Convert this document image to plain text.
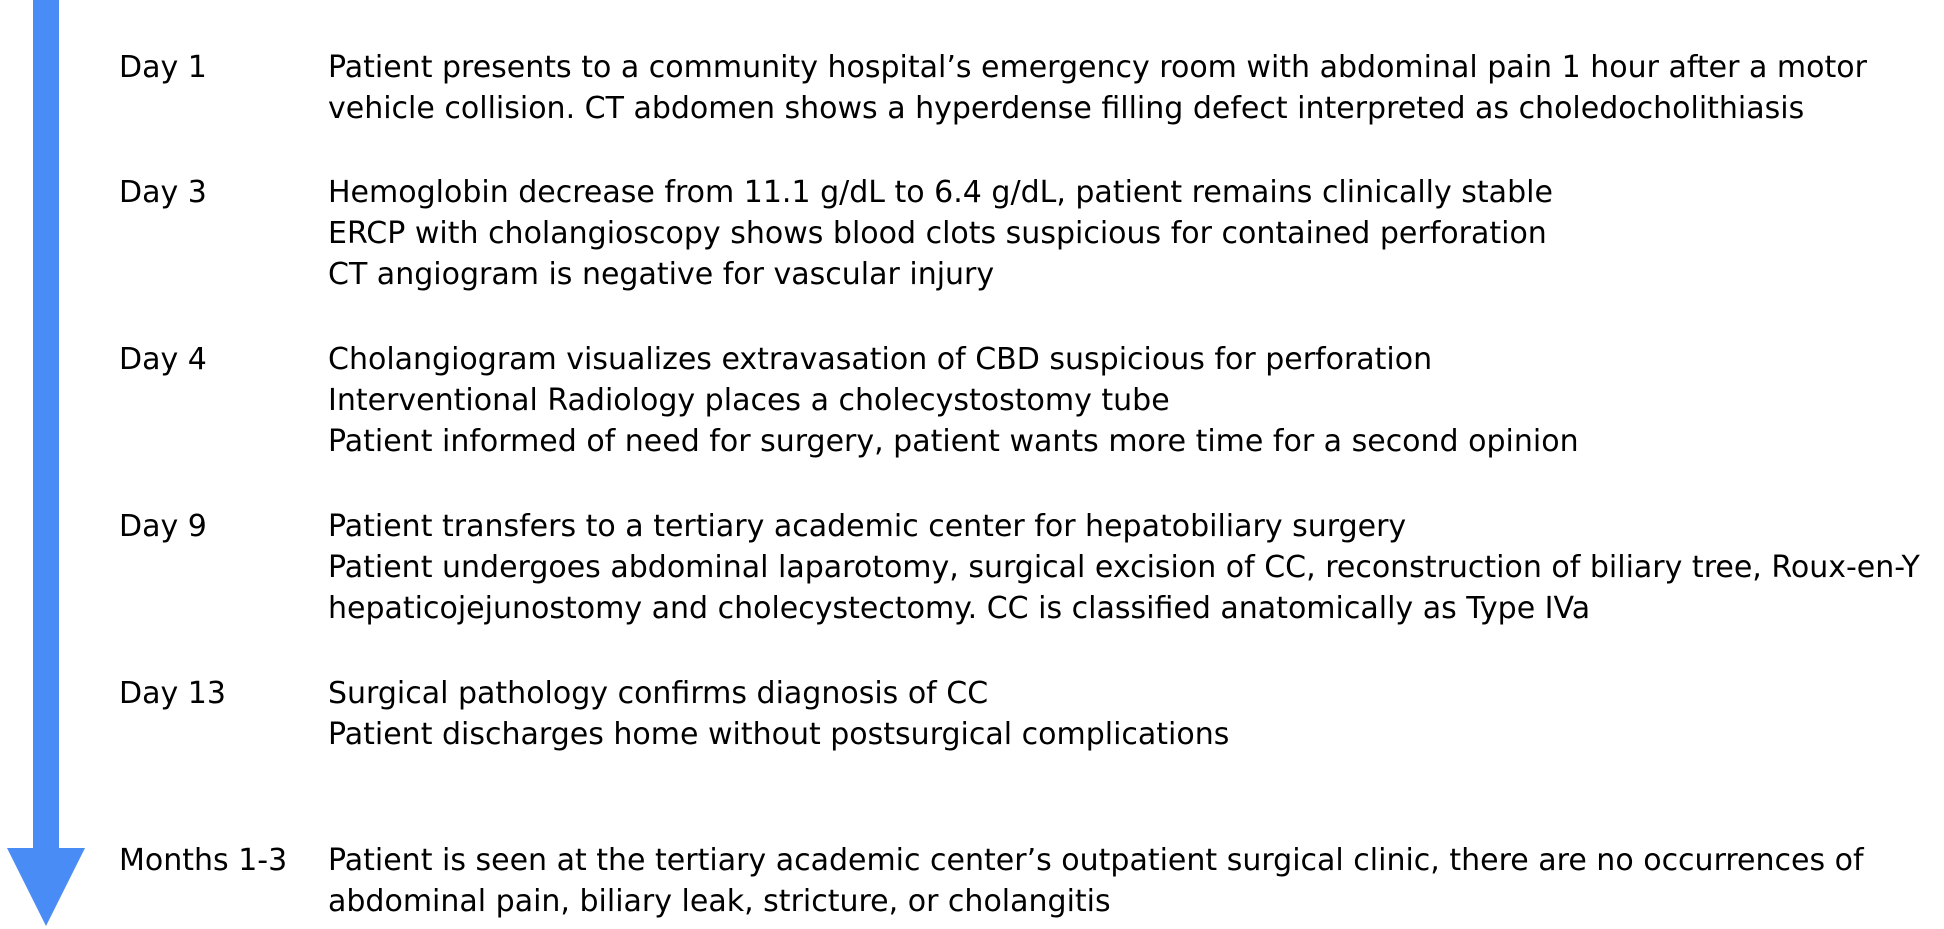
Day 1	Patient presents to a community hospital’s emergency room with abdominal pain 1 hour after a motor vehicle collision. CT abdomen shows a hyperdense filling defect interpreted as choledocholithiasis
Day 3	Hemoglobin decrease from 11.1 g/dL to 6.4 g/dL, patient remains clinically stable
ERCP with cholangioscopy shows blood clots suspicious for contained perforation
CT angiogram is negative for vascular injury
Day 4	Cholangiogram visualizes extravasation of CBD suspicious for perforation
Interventional Radiology places a cholecystostomy tube
Patient informed of need for surgery, patient wants more time for a second opinion
Day 9	Patient transfers to a tertiary academic center for hepatobiliary surgery
Patient undergoes abdominal laparotomy, surgical excision of CC, reconstruction of biliary tree, Roux-en-Y hepaticojejunostomy and cholecystectomy. CC is classified anatomically as Type IVa
Day 13	Surgical pathology confirms diagnosis of CC
Patient discharges home without postsurgical complications
Months 1-3 Patient is seen at the tertiary academic center’s outpatient surgical clinic, there are no occurrences of abdominal pain, biliary leak, stricture, or cholangitis
